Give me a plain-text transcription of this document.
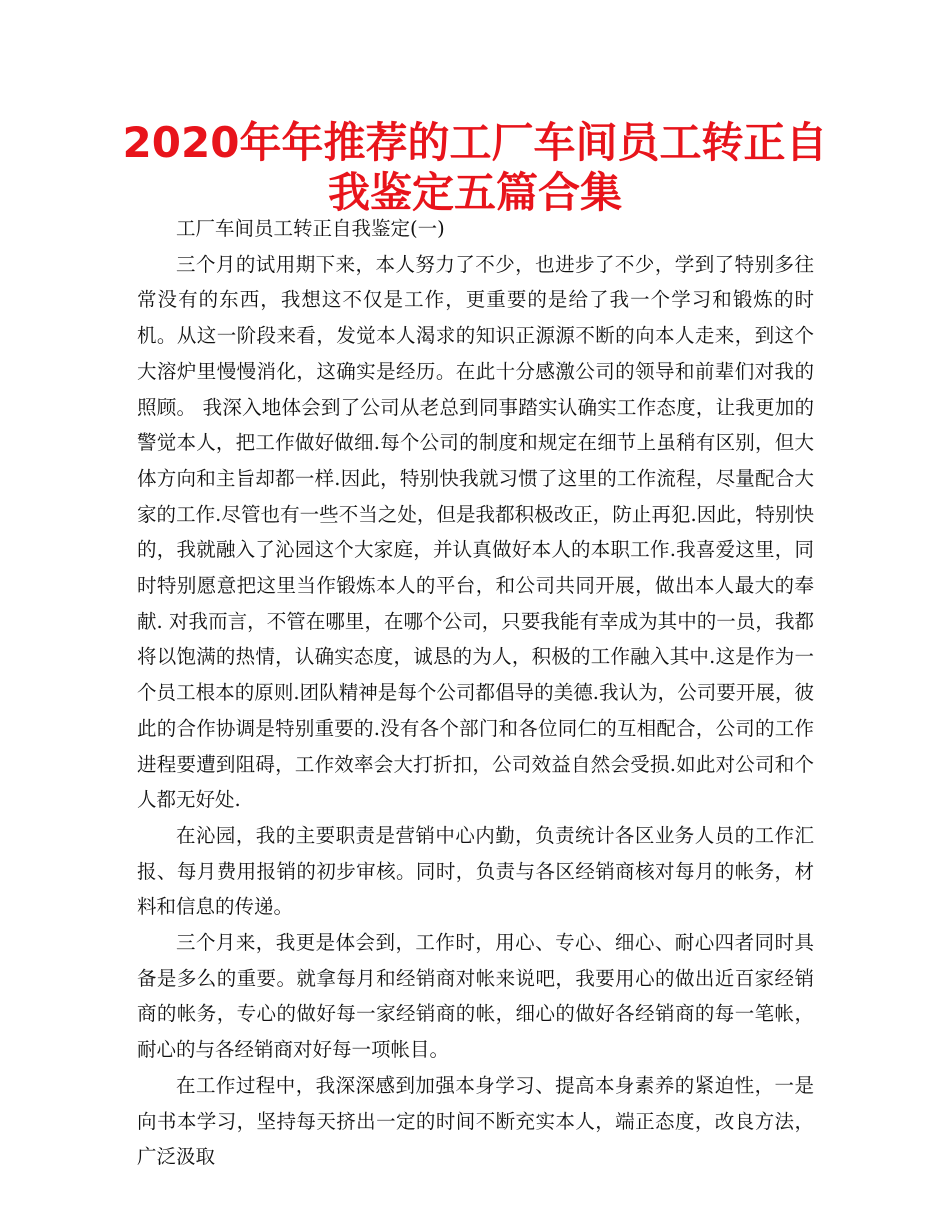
2020年年推荐的工厂车间员工转正自我鉴定五篇合集

工厂车间员工转正自我鉴定(一)

三个月的试用期下来，本人努力了不少，也进步了不少，学到了特别多往常没有的东西，我想这不仅是工作，更重要的是给了我一个学习和锻炼的时机。从这一阶段来看，发觉本人渴求的知识正源源不断的向本人走来，到这个大溶炉里慢慢消化，这确实是经历。在此十分感激公司的领导和前辈们对我的照顾。 我深入地体会到了公司从老总到同事踏实认确实工作态度，让我更加的警觉本人，把工作做好做细.每个公司的制度和规定在细节上虽稍有区别，但大体方向和主旨却都一样.因此，特别快我就习惯了这里的工作流程，尽量配合大家的工作.尽管也有一些不当之处，但是我都积极改正，防止再犯.因此，特别快的，我就融入了沁园这个大家庭，并认真做好本人的本职工作.我喜爱这里，同时特别愿意把这里当作锻炼本人的平台，和公司共同开展，做出本人最大的奉献. 对我而言，不管在哪里，在哪个公司，只要我能有幸成为其中的一员，我都将以饱满的热情，认确实态度，诚恳的为人，积极的工作融入其中.这是作为一个员工根本的原则.团队精神是每个公司都倡导的美德.我认为，公司要开展，彼此的合作协调是特别重要的.没有各个部门和各位同仁的互相配合，公司的工作进程要遭到阻碍，工作效率会大打折扣，公司效益自然会受损.如此对公司和个人都无好处.

在沁园，我的主要职责是营销中心内勤，负责统计各区业务人员的工作汇报、每月费用报销的初步审核。同时，负责与各区经销商核对每月的帐务，材料和信息的传递。

三个月来，我更是体会到，工作时，用心、专心、细心、耐心四者同时具备是多么的重要。就拿每月和经销商对帐来说吧，我要用心的做出近百家经销商的帐务，专心的做好每一家经销商的帐，细心的做好各经销商的每一笔帐，耐心的与各经销商对好每一项帐目。

在工作过程中，我深深感到加强本身学习、提高本身素养的紧迫性，一是向书本学习，坚持每天挤出一定的时间不断充实本人，端正态度，改良方法，广泛汲取
